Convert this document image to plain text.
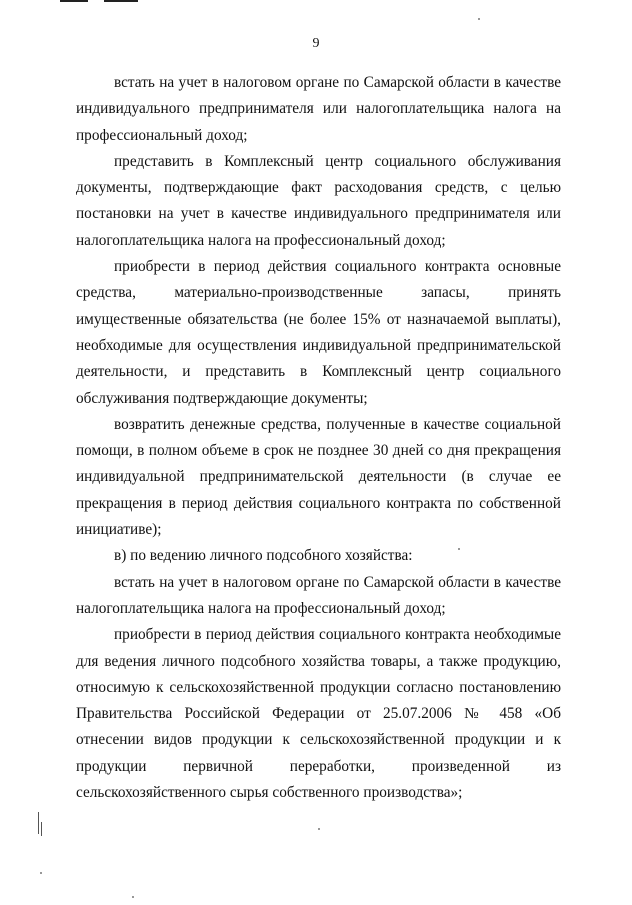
9

встать на учет в налоговом органе по Самарской области в качестве индивидуального предпринимателя или налогоплательщика налога на профессиональный доход;

представить в Комплексный центр социального обслуживания документы, подтверждающие факт расходования средств, с целью постановки на учет в качестве индивидуального предпринимателя или налогоплательщика налога на профессиональный доход;

приобрести в период действия социального контракта основные средства, материально-производственные запасы, принять имущественные обязательства (не более 15% от назначаемой выплаты), необходимые для осуществления индивидуальной предпринимательской деятельности, и представить в Комплексный центр социального обслуживания подтверждающие документы;

возвратить денежные средства, полученные в качестве социальной помощи, в полном объеме в срок не позднее 30 дней со дня прекращения индивидуальной предпринимательской деятельности (в случае ее прекращения в период действия социального контракта по собственной инициативе);

в) по ведению личного подсобного хозяйства:

встать на учет в налоговом органе по Самарской области в качестве налогоплательщика налога на профессиональный доход;

приобрести в период действия социального контракта необходимые для ведения личного подсобного хозяйства товары, а также продукцию, относимую к сельскохозяйственной продукции согласно постановлению Правительства Российской Федерации от 25.07.2006 № 458 «Об отнесении видов продукции к сельскохозяйственной продукции и к продукции первичной переработки, произведенной из сельскохозяйственного сырья собственного производства»;
